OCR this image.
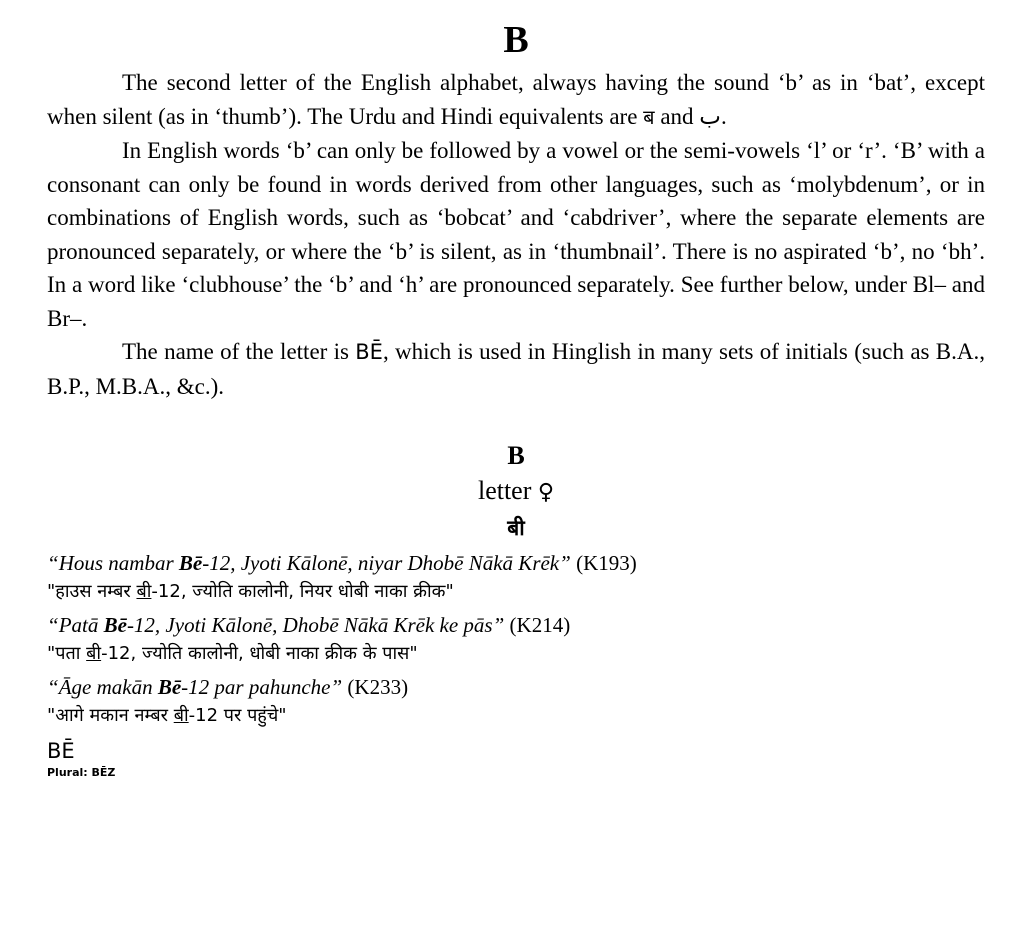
B

The second letter of the English alphabet, always having the sound ‘b’ as in ‘bat’, except when silent (as in ‘thumb’). The Urdu and Hindi equivalents are ब and ب.

In English words ‘b’ can only be followed by a vowel or the semi-vowels ‘l’ or ‘r’. ‘B’ with a consonant can only be found in words derived from other languages, such as ‘molybdenum’, or in combinations of English words, such as ‘bobcat’ and ‘cabdriver’, where the separate elements are pronounced separately, or where the ‘b’ is silent, as in ‘thumbnail’. There is no aspirated ‘b’, no ‘bh’. In a word like ‘clubhouse’ the ‘b’ and ‘h’ are pronounced separately. See further below, under Bl– and Br–.

The name of the letter is BĒ, which is used in Hinglish in many sets of initials (such as B.A., B.P., M.B.A., &c.).

B
letter ♀
बी
“Hous nambar Bē-12, Jyoti Kālonē, niyar Dhobē Nākā Krēk” (K193)
"हाउस नम्बर बी-12, ज्योति कालोनी, नियर धोबी नाका क्रीक"
“Patā Bē-12, Jyoti Kālonē, Dhobē Nākā Krēk ke pās” (K214)
"पता बी-12, ज्योति कालोनी, धोबी नाका क्रीक के पास"
“Āge makān Bē-12 par pahunche” (K233)
"आगे मकान नम्बर बी-12 पर पहुंचे"
BĒ
Plural: BĒZ
